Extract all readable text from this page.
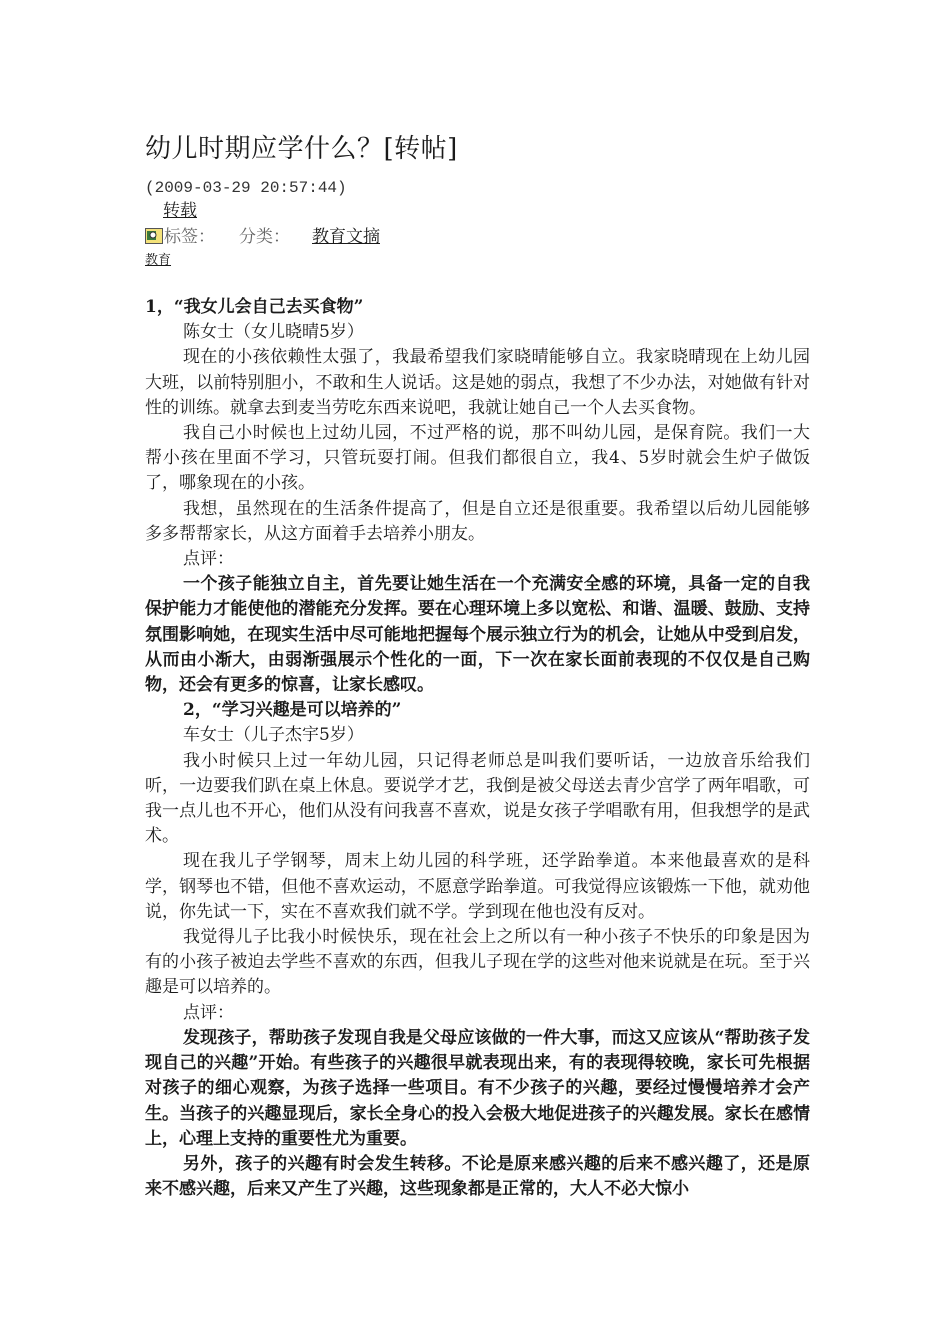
幼儿时期应学什么？[转帖]
(2009-03-29 20:57:44)
转载
标签： 分类： 教育文摘
教育

1，“我女儿会自己去买食物”

陈女士（女儿晓晴5岁）

现在的小孩依赖性太强了，我最希望我们家晓晴能够自立。我家晓晴现在上幼儿园大班，以前特别胆小，不敢和生人说话。这是她的弱点，我想了不少办法，对她做有针对性的训练。就拿去到麦当劳吃东西来说吧，我就让她自己一个人去买食物。

我自己小时候也上过幼儿园，不过严格的说，那不叫幼儿园，是保育院。我们一大帮小孩在里面不学习，只管玩耍打闹。但我们都很自立，我4、5岁时就会生炉子做饭了，哪象现在的小孩。

我想，虽然现在的生活条件提高了，但是自立还是很重要。我希望以后幼儿园能够多多帮帮家长，从这方面着手去培养小朋友。

点评：

一个孩子能独立自主，首先要让她生活在一个充满安全感的环境，具备一定的自我保护能力才能使他的潜能充分发挥。要在心理环境上多以宽松、和谐、温暖、鼓励、支持氛围影响她，在现实生活中尽可能地把握每个展示独立行为的机会，让她从中受到启发，从而由小渐大，由弱渐强展示个性化的一面，下一次在家长面前表现的不仅仅是自己购物，还会有更多的惊喜，让家长感叹。

2，“学习兴趣是可以培养的”

车女士（儿子杰宇5岁）

我小时候只上过一年幼儿园，只记得老师总是叫我们要听话，一边放音乐给我们听，一边要我们趴在桌上休息。要说学才艺，我倒是被父母送去青少宫学了两年唱歌，可我一点儿也不开心，他们从没有问我喜不喜欢，说是女孩子学唱歌有用，但我想学的是武术。

现在我儿子学钢琴，周末上幼儿园的科学班，还学跆拳道。本来他最喜欢的是科学，钢琴也不错，但他不喜欢运动，不愿意学跆拳道。可我觉得应该锻炼一下他，就劝他说，你先试一下，实在不喜欢我们就不学。学到现在他也没有反对。

我觉得儿子比我小时候快乐，现在社会上之所以有一种小孩子不快乐的印象是因为有的小孩子被迫去学些不喜欢的东西，但我儿子现在学的这些对他来说就是在玩。至于兴趣是可以培养的。

点评：

发现孩子，帮助孩子发现自我是父母应该做的一件大事，而这又应该从“帮助孩子发现自己的兴趣”开始。有些孩子的兴趣很早就表现出来，有的表现得较晚，家长可先根据对孩子的细心观察，为孩子选择一些项目。有不少孩子的兴趣，要经过慢慢培养才会产生。当孩子的兴趣显现后，家长全身心的投入会极大地促进孩子的兴趣发展。家长在感情上，心理上支持的重要性尤为重要。

另外，孩子的兴趣有时会发生转移。不论是原来感兴趣的后来不感兴趣了，还是原来不感兴趣，后来又产生了兴趣，这些现象都是正常的，大人不必大惊小
